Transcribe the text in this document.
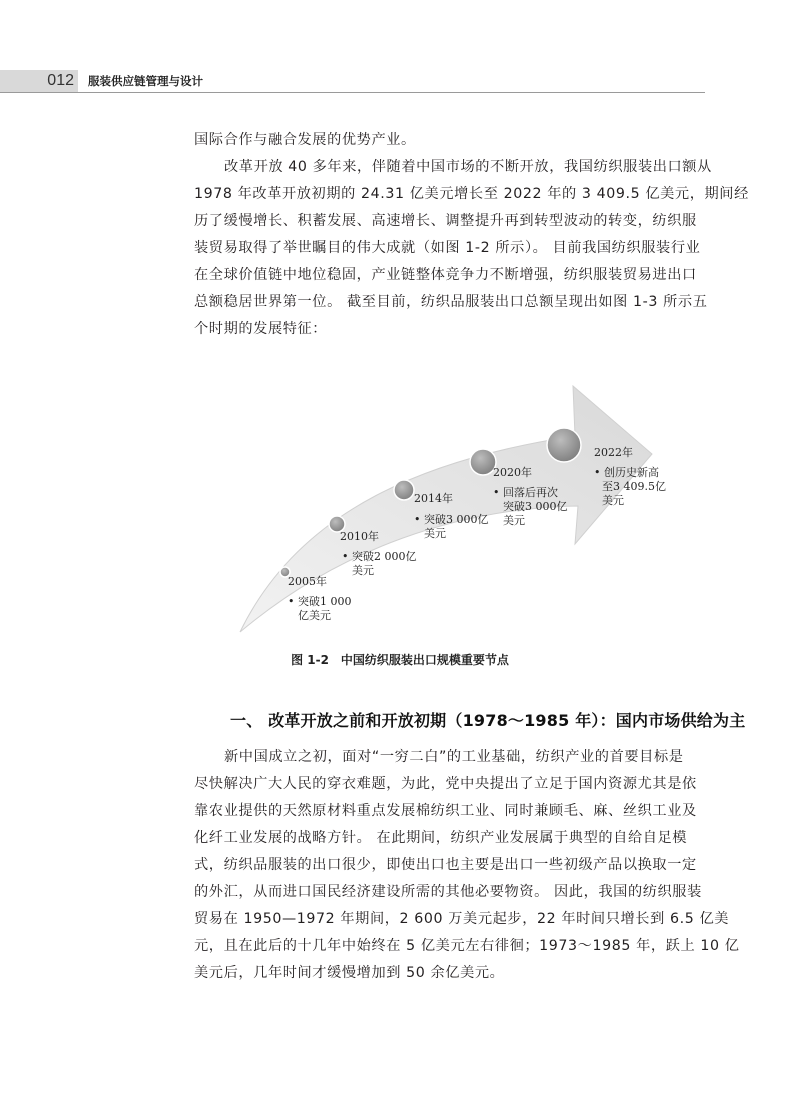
012 服装供应链管理与设计

国际合作与融合发展的优势产业。

改革开放 40 多年来，伴随着中国市场的不断开放，我国纺织服装出口额从
1978 年改革开放初期的 24.31 亿美元增长至 2022 年的 3 409.5 亿美元，期间经
历了缓慢增长、积蓄发展、高速增长、调整提升再到转型波动的转变，纺织服
装贸易取得了举世瞩目的伟大成就（如图 1-2 所示）。 目前我国纺织服装行业
在全球价值链中地位稳固，产业链整体竞争力不断增强，纺织服装贸易进出口
总额稳居世界第一位。 截至目前，纺织品服装出口总额呈现出如图 1-3 所示五
个时期的发展特征：

2005年
• 突破1 000
亿美元
2010年
• 突破2 000亿
美元
2014年
• 突破3 000亿
美元
2020年
• 回落后再次
突破3 000亿
美元
2022年
• 创历史新高
至3 409.5亿
美元
图 1-2 中国纺织服装出口规模重要节点
一、 改革开放之前和开放初期（1978～1985 年）：国内市场供给为主

新中国成立之初，面对“一穷二白”的工业基础，纺织产业的首要目标是
尽快解决广大人民的穿衣难题，为此，党中央提出了立足于国内资源尤其是依
靠农业提供的天然原材料重点发展棉纺织工业、同时兼顾毛、麻、丝织工业及
化纤工业发展的战略方针。 在此期间，纺织产业发展属于典型的自给自足模
式，纺织品服装的出口很少，即使出口也主要是出口一些初级产品以换取一定
的外汇，从而进口国民经济建设所需的其他必要物资。 因此，我国的纺织服装
贸易在 1950—1972 年期间，2 600 万美元起步，22 年时间只增长到 6.5 亿美
元，且在此后的十几年中始终在 5 亿美元左右徘徊；1973～1985 年，跃上 10 亿
美元后，几年时间才缓慢增加到 50 余亿美元。
